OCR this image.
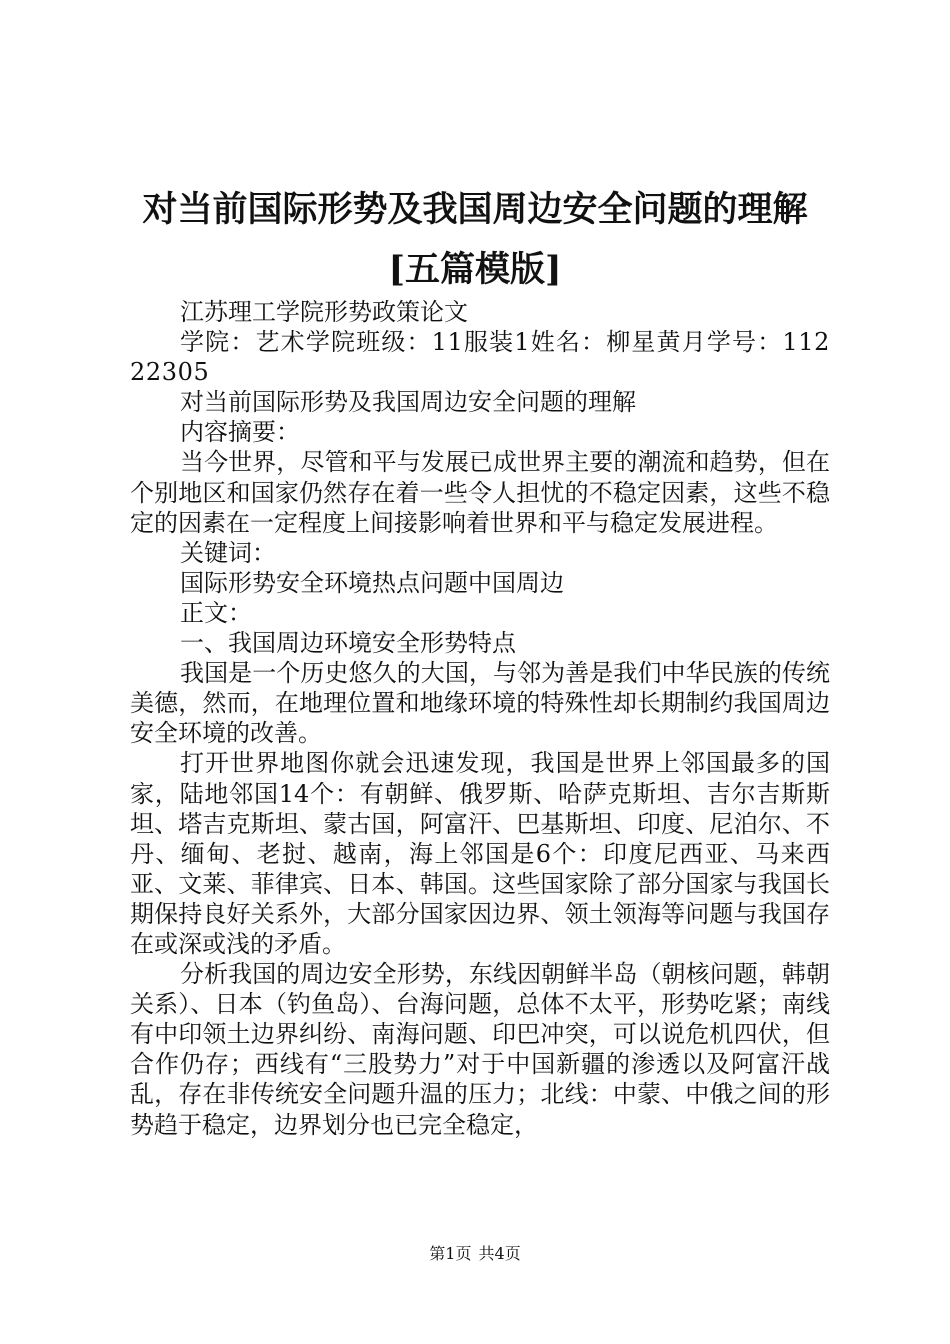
对当前国际形势及我国周边安全问题的理解
[五篇模版]

江苏理工学院形势政策论文

学院：艺术学院班级：11服装1姓名：柳星黄月学号：11222305

对当前国际形势及我国周边安全问题的理解

内容摘要：

当今世界，尽管和平与发展已成世界主要的潮流和趋势，但在个别地区和国家仍然存在着一些令人担忧的不稳定因素，这些不稳定的因素在一定程度上间接影响着世界和平与稳定发展进程。

关键词：

国际形势安全环境热点问题中国周边

正文：

一、我国周边环境安全形势特点

我国是一个历史悠久的大国，与邻为善是我们中华民族的传统美德，然而，在地理位置和地缘环境的特殊性却长期制约我国周边安全环境的改善。

打开世界地图你就会迅速发现，我国是世界上邻国最多的国家，陆地邻国14个：有朝鲜、俄罗斯、哈萨克斯坦、吉尔吉斯斯坦、塔吉克斯坦、蒙古国，阿富汗、巴基斯坦、印度、尼泊尔、不丹、缅甸、老挝、越南，海上邻国是6个：印度尼西亚、马来西亚、文莱、菲律宾、日本、韩国。这些国家除了部分国家与我国长期保持良好关系外，大部分国家因边界、领土领海等问题与我国存在或深或浅的矛盾。

分析我国的周边安全形势，东线因朝鲜半岛（朝核问题，韩朝关系）、日本（钓鱼岛）、台海问题，总体不太平，形势吃紧；南线有中印领土边界纠纷、南海问题、印巴冲突，可以说危机四伏，但合作仍存；西线有“三股势力”对于中国新疆的渗透以及阿富汗战乱，存在非传统安全问题升温的压力；北线：中蒙、中俄之间的形势趋于稳定，边界划分也已完全稳定，

第1页 共4页
